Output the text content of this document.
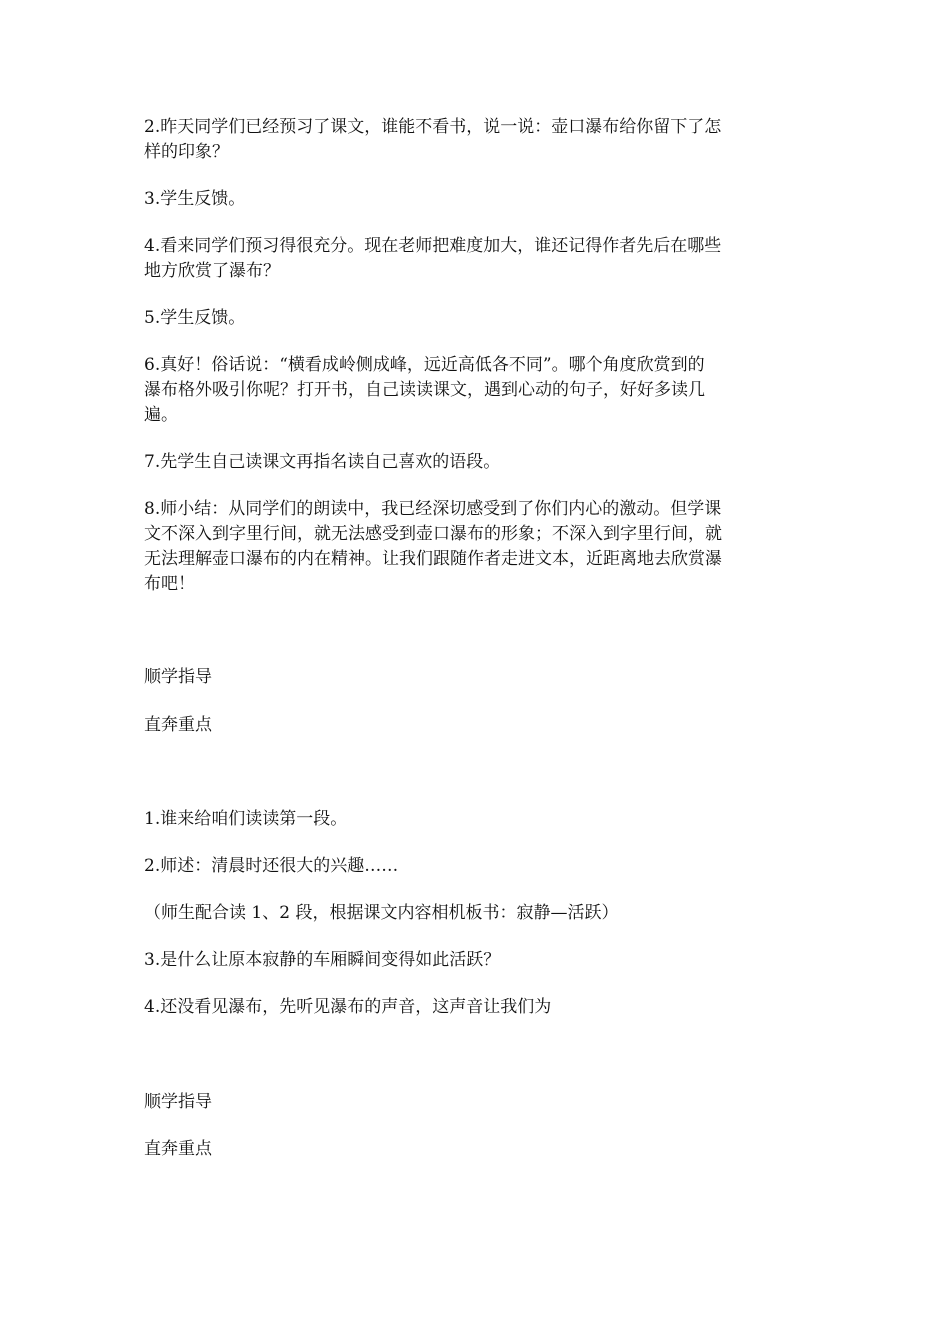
2.昨天同学们已经预习了课文，谁能不看书，说一说：壶口瀑布给你留下了怎
样的印象？
3.学生反馈。
4.看来同学们预习得很充分。现在老师把难度加大，谁还记得作者先后在哪些
地方欣赏了瀑布？
5.学生反馈。
6.真好！俗话说：“横看成岭侧成峰，远近高低各不同”。哪个角度欣赏到的
瀑布格外吸引你呢？打开书，自己读读课文，遇到心动的句子，好好多读几
遍。
7.先学生自己读课文再指名读自己喜欢的语段。
8.师小结：从同学们的朗读中，我已经深切感受到了你们内心的激动。但学课
文不深入到字里行间，就无法感受到壶口瀑布的形象；不深入到字里行间，就
无法理解壶口瀑布的内在精神。让我们跟随作者走进文本，近距离地去欣赏瀑
布吧！
顺学指导
直奔重点
1.谁来给咱们读读第一段。
2.师述：清晨时还很大的兴趣……
（师生配合读 1、2 段，根据课文内容相机板书：寂静—活跃）
3.是什么让原本寂静的车厢瞬间变得如此活跃？
4.还没看见瀑布，先听见瀑布的声音，这声音让我们为
顺学指导
直奔重点
